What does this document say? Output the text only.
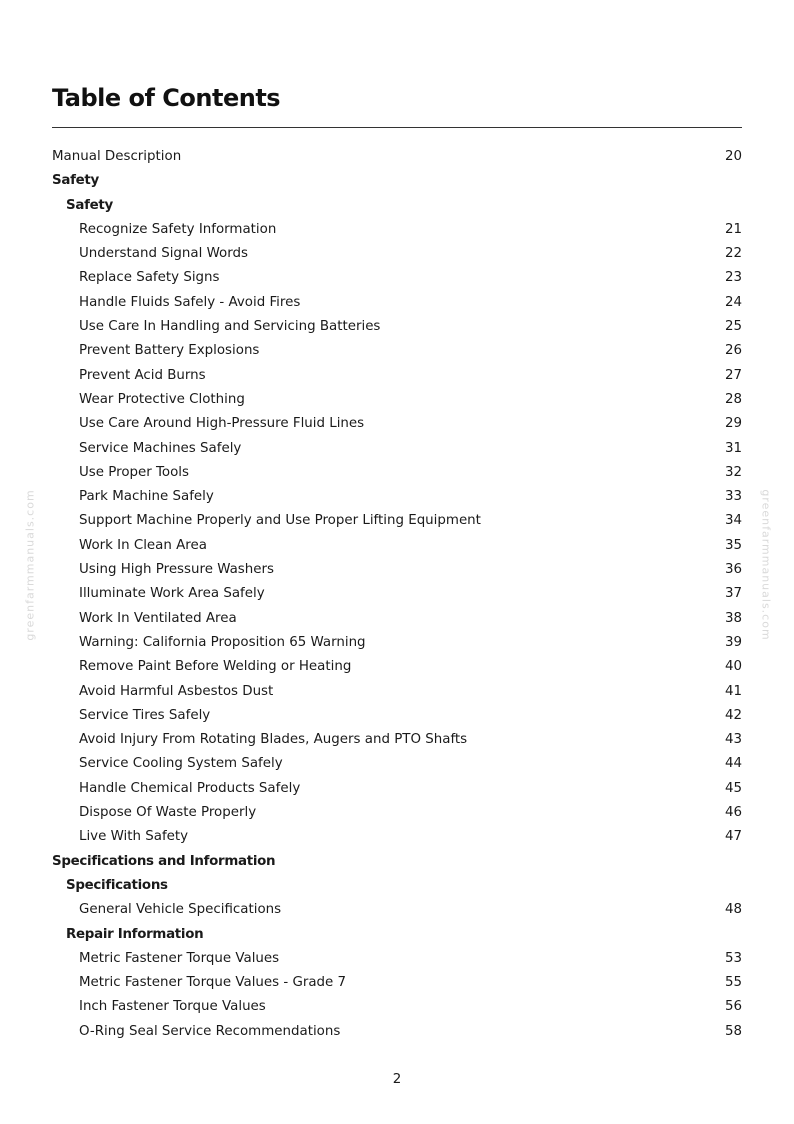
Table of Contents
Manual Description	20
Safety
Safety
Recognize Safety Information	21
Understand Signal Words	22
Replace Safety Signs	23
Handle Fluids Safely - Avoid Fires	24
Use Care In Handling and Servicing Batteries	25
Prevent Battery Explosions	26
Prevent Acid Burns	27
Wear Protective Clothing	28
Use Care Around High-Pressure Fluid Lines	29
Service Machines Safely	31
Use Proper Tools	32
Park Machine Safely	33
Support Machine Properly and Use Proper Lifting Equipment	34
Work In Clean Area	35
Using High Pressure Washers	36
Illuminate Work Area Safely	37
Work In Ventilated Area	38
Warning: California Proposition 65 Warning	39
Remove Paint Before Welding or Heating	40
Avoid Harmful Asbestos Dust	41
Service Tires Safely	42
Avoid Injury From Rotating Blades, Augers and PTO Shafts	43
Service Cooling System Safely	44
Handle Chemical Products Safely	45
Dispose Of Waste Properly	46
Live With Safety	47
Specifications and Information
Specifications
General Vehicle Specifications	48
Repair Information
Metric Fastener Torque Values	53
Metric Fastener Torque Values - Grade 7	55
Inch Fastener Torque Values	56
O-Ring Seal Service Recommendations	58
greenfarmmanuals.com	greenfarmmanuals.com
2
